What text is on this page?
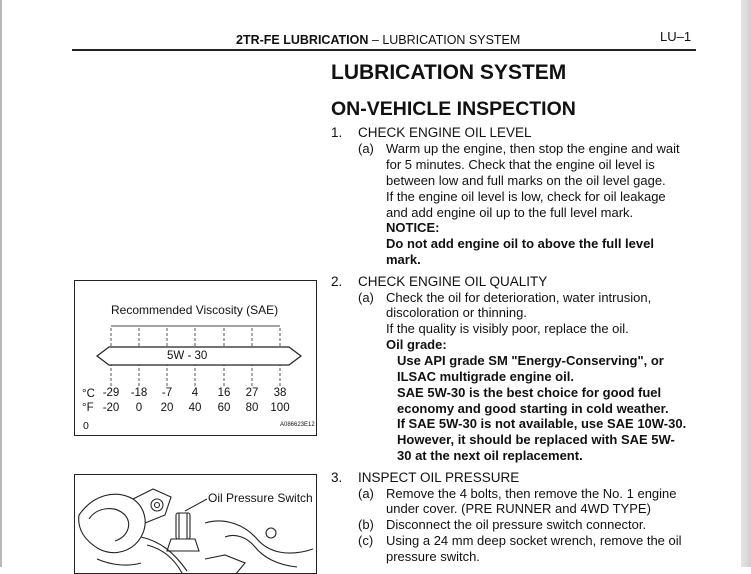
2TR-FE LUBRICATION – LUBRICATION SYSTEM	LU–1
LUBRICATION SYSTEM
ON-VEHICLE INSPECTION
1. CHECK ENGINE OIL LEVEL
(a) Warm up the engine, then stop the engine and wait
for 5 minutes. Check that the engine oil level is
between low and full marks on the oil level gage.
If the engine oil level is low, check for oil leakage
and add engine oil up to the full level mark.
NOTICE:
Do not add engine oil to above the full level
mark.
2. CHECK ENGINE OIL QUALITY
(a) Check the oil for deterioration, water intrusion,
discoloration or thinning.
If the quality is visibly poor, replace the oil.
Oil grade:
Use API grade SM "Energy-Conserving", or
ILSAC multigrade engine oil.
SAE 5W-30 is the best choice for good fuel
economy and good starting in cold weather.
If SAE 5W-30 is not available, use SAE 10W-30.
However, it should be replaced with SAE 5W-
30 at the next oil replacement.
3. INSPECT OIL PRESSURE
(a) Remove the 4 bolts, then remove the No. 1 engine
under cover. (PRE RUNNER and 4WD TYPE)
(b) Disconnect the oil pressure switch connector.
(c) Using a 24 mm deep socket wrench, remove the oil
pressure switch.
Recommended Viscosity (SAE)
5W - 30
°C
°F
-29 -18	-7	4	16	27	38
-20	0	20	40	60	80	100
0	A086623E12
Oil Pressure Switch
